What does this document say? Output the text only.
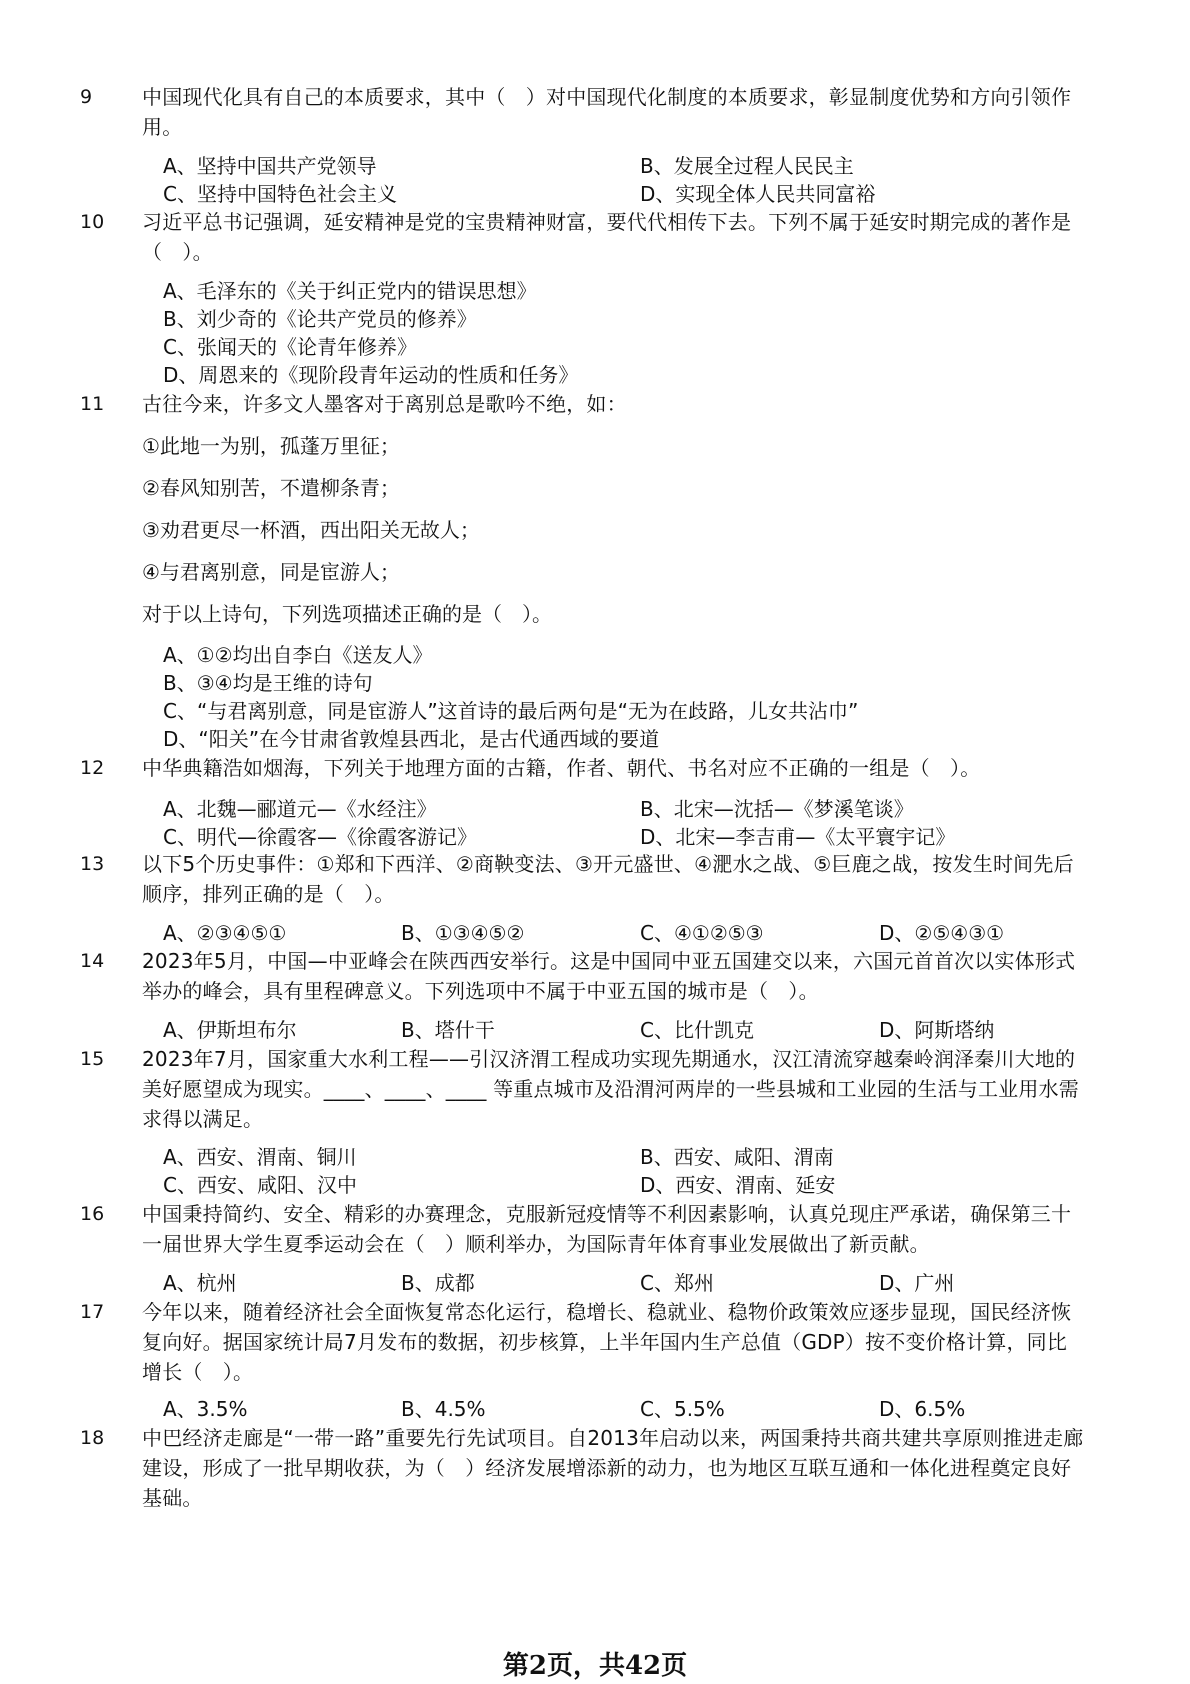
9 中国现代化具有自己的本质要求，其中（　）对中国现代化制度的本质要求，彰显制度优势和方向引领作用。
A、坚持中国共产党领导	B、发展全过程人民民主
C、坚持中国特色社会主义	D、实现全体人民共同富裕
10 习近平总书记强调，延安精神是党的宝贵精神财富，要代代相传下去。下列不属于延安时期完成的著作是（　）。
A、毛泽东的《关于纠正党内的错误思想》
B、刘少奇的《论共产党员的修养》
C、张闻天的《论青年修养》
D、周恩来的《现阶段青年运动的性质和任务》
11 古往今来，许多文人墨客对于离别总是歌吟不绝，如：
①此地一为别，孤蓬万里征；
②春风知别苦，不遣柳条青；
③劝君更尽一杯酒，西出阳关无故人；
④与君离别意，同是宦游人；
对于以上诗句，下列选项描述正确的是（　）。
A、①②均出自李白《送友人》
B、③④均是王维的诗句
C、“与君离别意，同是宦游人”这首诗的最后两句是“无为在歧路，儿女共沾巾”
D、“阳关”在今甘肃省敦煌县西北，是古代通西域的要道
12 中华典籍浩如烟海，下列关于地理方面的古籍，作者、朝代、书名对应不正确的一组是（　）。
A、北魏—郦道元—《水经注》	B、北宋—沈括—《梦溪笔谈》
C、明代—徐霞客—《徐霞客游记》	D、北宋—李吉甫—《太平寰宇记》
13 以下5个历史事件：①郑和下西洋、②商鞅变法、③开元盛世、④淝水之战、⑤巨鹿之战，按发生时间先后顺序，排列正确的是（　）。
A、②③④⑤①	B、①③④⑤②	C、④①②⑤③	D、②⑤④③①
14 2023年5月，中国—中亚峰会在陕西西安举行。这是中国同中亚五国建交以来，六国元首首次以实体形式举办的峰会，具有里程碑意义。下列选项中不属于中亚五国的城市是（　）。
A、伊斯坦布尔	B、塔什干	C、比什凯克	D、阿斯塔纳
15 2023年7月，国家重大水利工程——引汉济渭工程成功实现先期通水，汉江清流穿越秦岭润泽秦川大地的美好愿望成为现实。____、____、____ 等重点城市及沿渭河两岸的一些县城和工业园的生活与工业用水需求得以满足。
A、西安、渭南、铜川	B、西安、咸阳、渭南
C、西安、咸阳、汉中	D、西安、渭南、延安
16 中国秉持简约、安全、精彩的办赛理念，克服新冠疫情等不利因素影响，认真兑现庄严承诺，确保第三十一届世界大学生夏季运动会在（　）顺利举办，为国际青年体育事业发展做出了新贡献。
A、杭州	B、成都	C、郑州	D、广州
17 今年以来，随着经济社会全面恢复常态化运行，稳增长、稳就业、稳物价政策效应逐步显现，国民经济恢复向好。据国家统计局7月发布的数据，初步核算，上半年国内生产总值（GDP）按不变价格计算，同比增长（　）。
A、3.5%	B、4.5%	C、5.5%	D、6.5%
18 中巴经济走廊是“一带一路”重要先行先试项目。自2013年启动以来，两国秉持共商共建共享原则推进走廊建设，形成了一批早期收获，为（　）经济发展增添新的动力，也为地区互联互通和一体化进程奠定良好基础。
第2页，共42页
